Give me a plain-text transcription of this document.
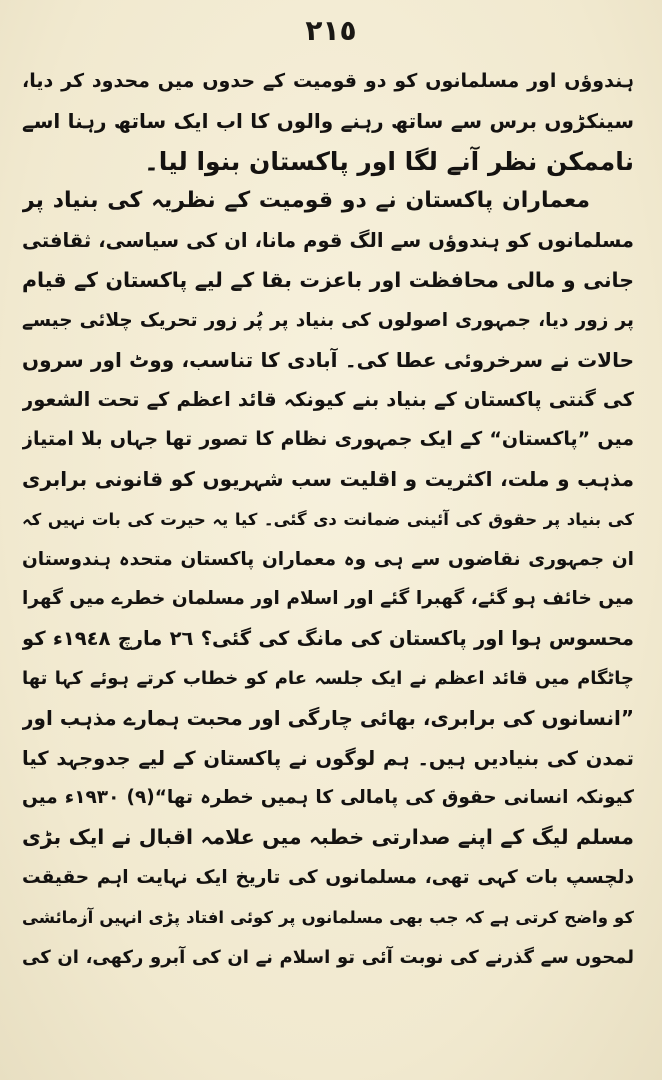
٢١٥
ہندوؤں اور مسلمانوں کو دو قومیت کے حدوں میں محدود کر دیا،
سینکڑوں برس سے ساتھ رہنے والوں کا اب ایک ساتھ رہنا اسے
ناممکن نظر آنے لگا اور پاکستان بنوا لیا۔
معماران پاکستان نے دو قومیت کے نظریہ کی بنیاد پر
مسلمانوں کو ہندوؤں سے الگ قوم مانا، ان کی سیاسی، ثقافتی
جانی و مالی محافظت اور باعزت بقا کے لیے پاکستان کے قیام
پر زور دیا، جمہوری اصولوں کی بنیاد پر پُر زور تحریک چلائی جیسے
حالات نے سرخروئی عطا کی۔ آبادی کا تناسب، ووٹ اور سروں
کی گنتی پاکستان کے بنیاد بنے کیونکہ قائد اعظم کے تحت الشعور
میں ”پاکستان“ کے ایک جمہوری نظام کا تصور تھا جہاں بلا امتیاز
مذہب و ملت، اکثریت و اقلیت سب شہریوں کو قانونی برابری
کی بنیاد پر حقوق کی آئینی ضمانت دی گئی۔ کیا یہ حیرت کی بات نہیں کہ
ان جمہوری نقاضوں سے ہی وہ معماران پاکستان متحدہ ہندوستان
میں خائف ہو گئے، گھبرا گئے اور اسلام اور مسلمان خطرے میں گھرا
محسوس ہوا اور پاکستان کی مانگ کی گئی؟ ٢٦ مارچ ١٩٤٨ء کو
چاٹگام میں قائد اعظم نے ایک جلسہ عام کو خطاب کرتے ہوئے کہا تھا
”انسانوں کی برابری، بھائی چارگی اور محبت ہمارے مذہب اور
تمدن کی بنیادیں ہیں۔ ہم لوگوں نے پاکستان کے لیے جدوجہد کیا
کیونکہ انسانی حقوق کی پامالی کا ہمیں خطرہ تھا“(٩) ١٩٣٠ء میں
مسلم لیگ کے اپنے صدارتی خطبہ میں علامہ اقبال نے ایک بڑی
دلچسپ بات کہی تھی، مسلمانوں کی تاریخ ایک نہایت اہم حقیقت
کو واضح کرتی ہے کہ جب بھی مسلمانوں پر کوئی افتاد پڑی انہیں آزمائشی
لمحوں سے گذرنے کی نوبت آئی تو اسلام نے ان کی آبرو رکھی، ان کی
